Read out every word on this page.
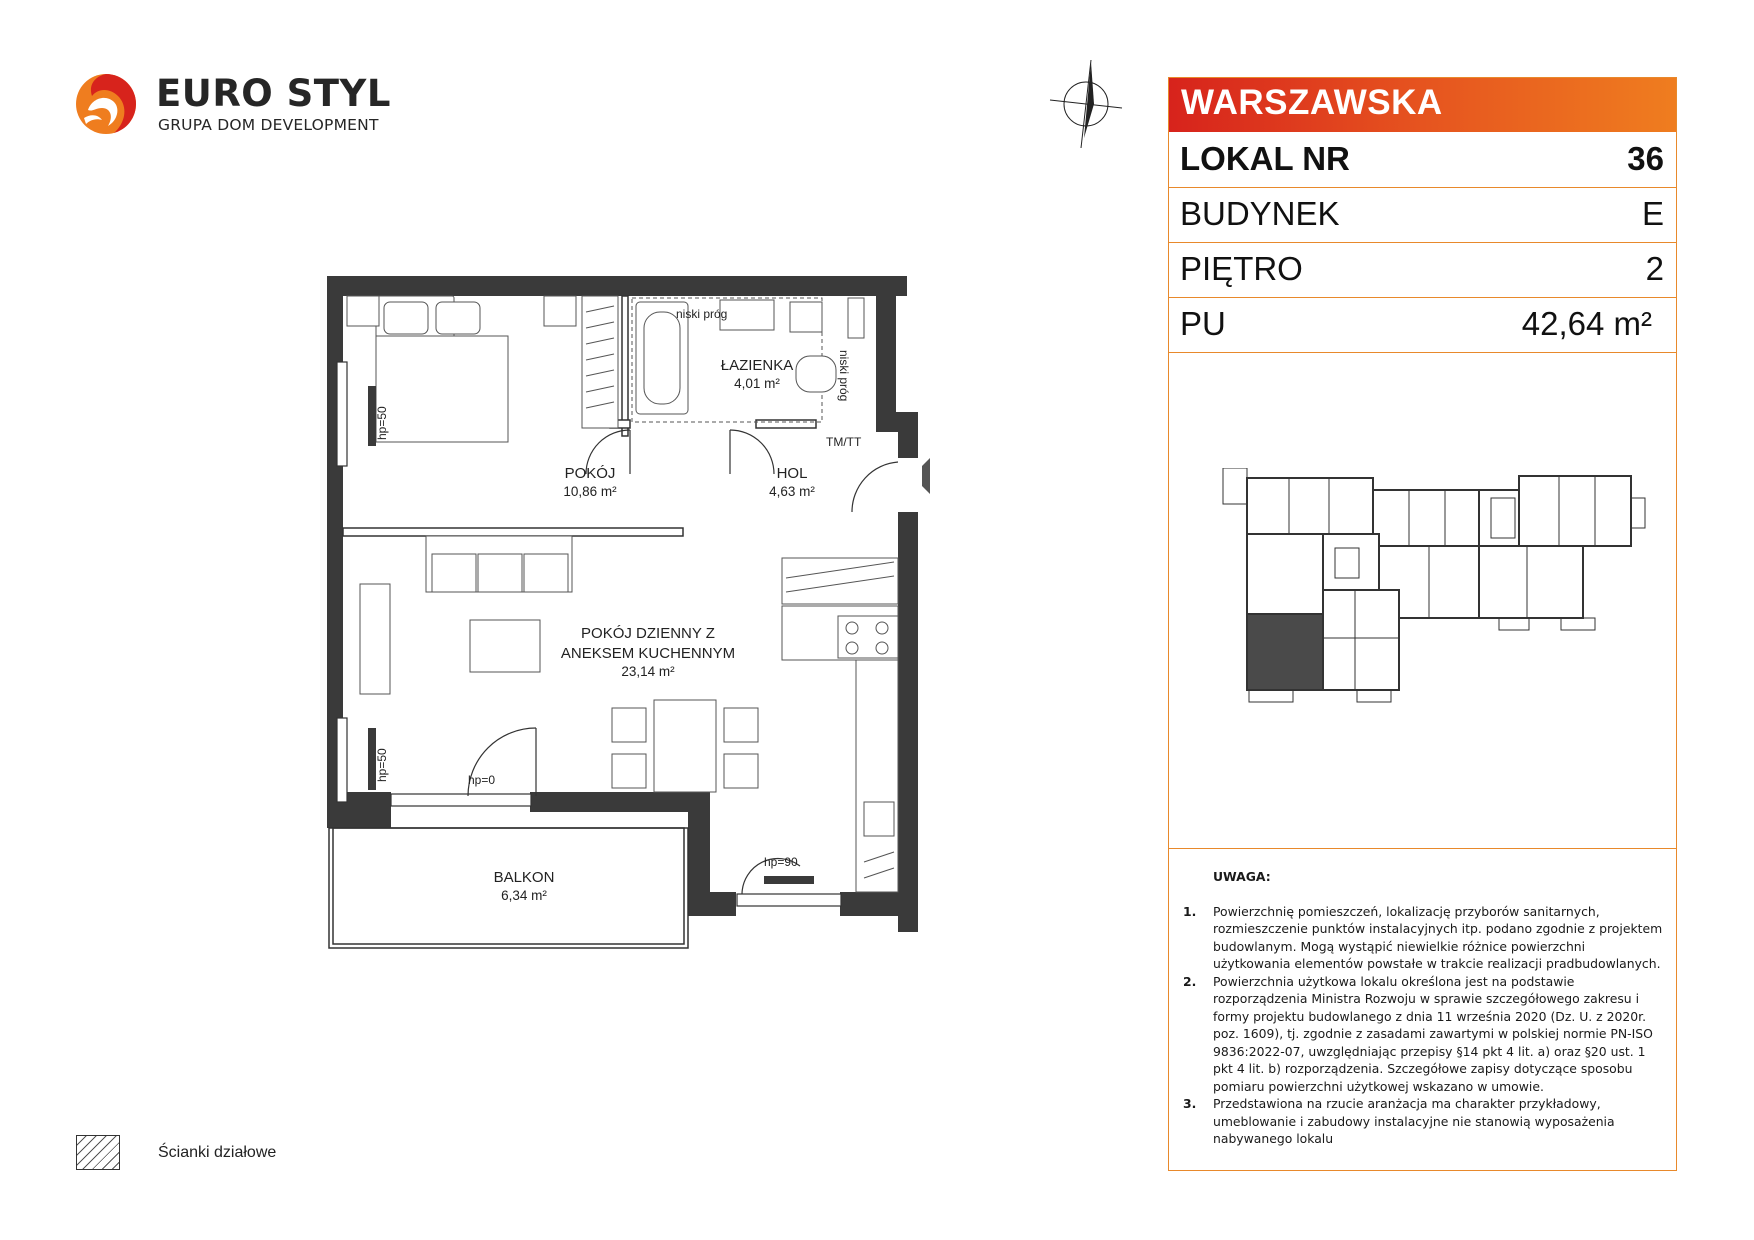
EURO STYL
GRUPA DOM DEVELOPMENT
WARSZAWSKA
LOKAL NR	36
BUDYNEK	E
PIĘTRO	2
PU	42,64 m²
UWAGA:
1.	Powierzchnię pomieszczeń, lokalizację przyborów sanitarnych, rozmieszczenie punktów instalacyjnych itp. podano zgodnie z projektem budowlanym. Mogą wystąpić niewielkie różnice powierzchni użytkowania elementów powstałe w trakcie realizacji pradbudowlanych.
2.	Powierzchnia użytkowa lokalu określona jest na podstawie rozporządzenia Ministra Rozwoju w sprawie szczegółowego zakresu i formy projektu budowlanego z dnia 11 września 2020 (Dz. U. z 2020r. poz. 1609), tj. zgodnie z zasadami zawartymi w polskiej normie PN-ISO 9836:2022-07, uwzględniając przepisy §14 pkt 4 lit. a) oraz §20 ust. 1 pkt 4 lit. b) rozporządzenia. Szczegółowe zapisy dotyczące sposobu pomiaru powierzchni użytkowej wskazano w umowie.
3.	Przedstawiona na rzucie aranżacja ma charakter przykładowy, umeblowanie i zabudowy instalacyjne nie stanowią wyposażenia nabywanego lokalu
Ścianki działowe
ŁAZIENKA
4,01 m²
POKÓJ
10,86 m²
HOL
4,63 m²
POKÓJ DZIENNY Z
ANEKSEM KUCHENNYM
23,14 m²
BALKON
6,34 m²
niski próg
niski próg
TM/TT
hp=50
hp=50	hp=0
hp=90
